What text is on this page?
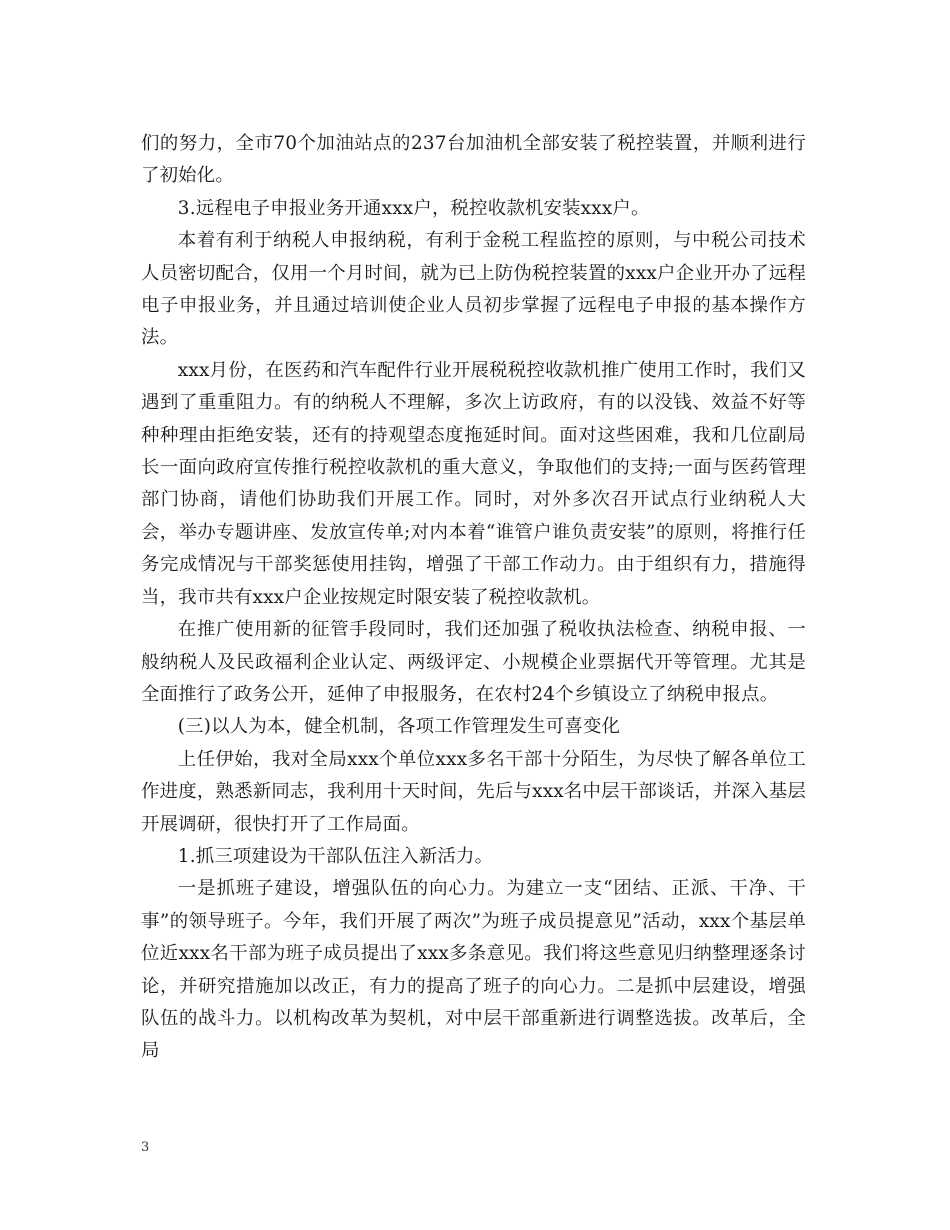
们的努力，全市70个加油站点的237台加油机全部安装了税控装置，并顺利进行了初始化。

3.远程电子申报业务开通xxx户，税控收款机安装xxx户。

本着有利于纳税人申报纳税，有利于金税工程监控的原则，与中税公司技术人员密切配合，仅用一个月时间，就为已上防伪税控装置的xxx户企业开办了远程电子申报业务，并且通过培训使企业人员初步掌握了远程电子申报的基本操作方法。

xxx月份，在医药和汽车配件行业开展税税控收款机推广使用工作时，我们又遇到了重重阻力。有的纳税人不理解，多次上访政府，有的以没钱、效益不好等种种理由拒绝安装，还有的持观望态度拖延时间。面对这些困难，我和几位副局长一面向政府宣传推行税控收款机的重大意义，争取他们的支持;一面与医药管理部门协商，请他们协助我们开展工作。同时，对外多次召开试点行业纳税人大会，举办专题讲座、发放宣传单;对内本着“谁管户谁负责安装”的原则，将推行任务完成情况与干部奖惩使用挂钩，增强了干部工作动力。由于组织有力，措施得当，我市共有xxx户企业按规定时限安装了税控收款机。

在推广使用新的征管手段同时，我们还加强了税收执法检查、纳税申报、一般纳税人及民政福利企业认定、两级评定、小规模企业票据代开等管理。尤其是全面推行了政务公开，延伸了申报服务，在农村24个乡镇设立了纳税申报点。

(三)以人为本，健全机制，各项工作管理发生可喜变化

上任伊始，我对全局xxx个单位xxx多名干部十分陌生，为尽快了解各单位工作进度，熟悉新同志，我利用十天时间，先后与xxx名中层干部谈话，并深入基层开展调研，很快打开了工作局面。

1.抓三项建设为干部队伍注入新活力。

一是抓班子建设，增强队伍的向心力。为建立一支“团结、正派、干净、干事”的领导班子。今年，我们开展了两次”为班子成员提意见”活动，xxx个基层单位近xxx名干部为班子成员提出了xxx多条意见。我们将这些意见归纳整理逐条讨论，并研究措施加以改正，有力的提高了班子的向心力。二是抓中层建设，增强队伍的战斗力。以机构改革为契机，对中层干部重新进行调整选拔。改革后，全局

3
